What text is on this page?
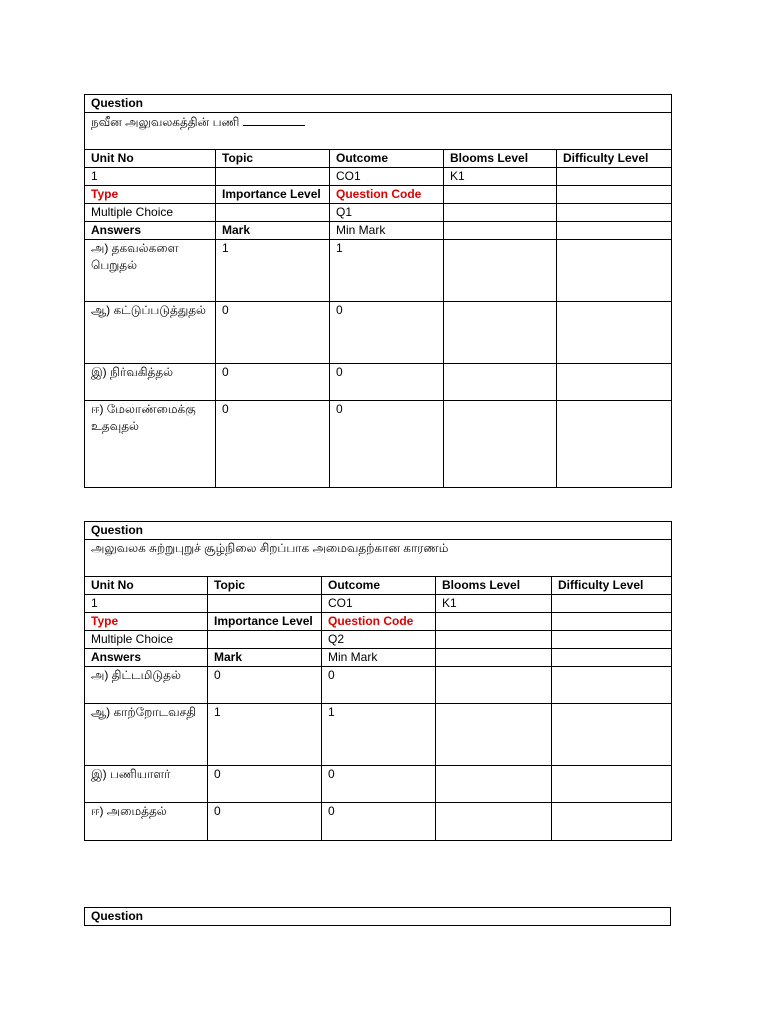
Question				
நவீன அலுவலகத்தின் பணி				
Unit No	Topic	Outcome	Blooms Level	Difficulty Level
1		CO1	K1	
Type	Importance Level	Question Code		
Multiple Choice		Q1		
Answers	Mark	Min Mark		
அ) தகவல்களை பெறுதல்	1	1		
ஆ) கட்டுப்படுத்துதல்	0	0		
இ) நிர்வகித்தல்	0	0		
ஈ) மேலாண்மைக்கு உதவுதல்	0	0		
Question				
அலுவலக சுற்றுபுறுச் சூழ்நிலை சிறப்பாக அமைவதற்கான காரணம்				
Unit No	Topic	Outcome	Blooms Level	Difficulty Level
1		CO1	K1	
Type	Importance Level	Question Code		
Multiple Choice		Q2		
Answers	Mark	Min Mark		
அ) திட்டமிடுதல்	0	0		
ஆ) காற்றோடவசதி	1	1		
இ) பணியாளர்	0	0		
ஈ) அமைத்தல்	0	0		
Question
